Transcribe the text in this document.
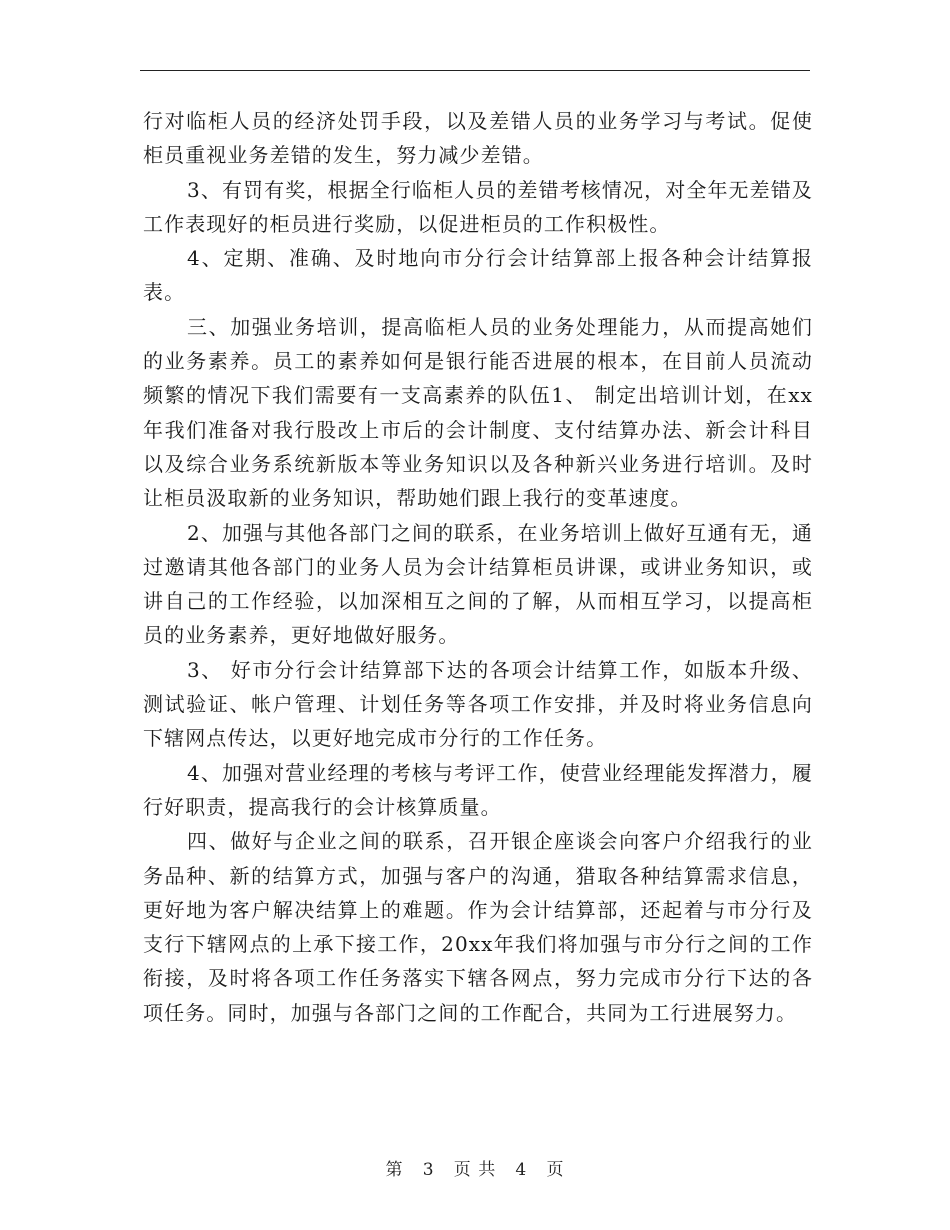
行对临柜人员的经济处罚手段，以及差错人员的业务学习与考试。促使柜员重视业务差错的发生，努力减少差错。

3、有罚有奖，根据全行临柜人员的差错考核情况，对全年无差错及工作表现好的柜员进行奖励，以促进柜员的工作积极性。

4、定期、准确、及时地向市分行会计结算部上报各种会计结算报表。

三、加强业务培训，提高临柜人员的业务处理能力，从而提高她们的业务素养。员工的素养如何是银行能否进展的根本，在目前人员流动频繁的情况下我们需要有一支高素养的队伍1、 制定出培训计划，在xx年我们准备对我行股改上市后的会计制度、支付结算办法、新会计科目以及综合业务系统新版本等业务知识以及各种新兴业务进行培训。及时让柜员汲取新的业务知识，帮助她们跟上我行的变革速度。

2、加强与其他各部门之间的联系，在业务培训上做好互通有无，通过邀请其他各部门的业务人员为会计结算柜员讲课，或讲业务知识，或讲自己的工作经验，以加深相互之间的了解，从而相互学习，以提高柜员的业务素养，更好地做好服务。

3、 好市分行会计结算部下达的各项会计结算工作，如版本升级、测试验证、帐户管理、计划任务等各项工作安排，并及时将业务信息向下辖网点传达，以更好地完成市分行的工作任务。

4、加强对营业经理的考核与考评工作，使营业经理能发挥潜力，履行好职责，提高我行的会计核算质量。

四、做好与企业之间的联系，召开银企座谈会向客户介绍我行的业务品种、新的结算方式，加强与客户的沟通，猎取各种结算需求信息，更好地为客户解决结算上的难题。作为会计结算部，还起着与市分行及支行下辖网点的上承下接工作，20xx年我们将加强与市分行之间的工作衔接，及时将各项工作任务落实下辖各网点，努力完成市分行下达的各项任务。同时，加强与各部门之间的工作配合，共同为工行进展努力。

第 3 页 共 4 页
